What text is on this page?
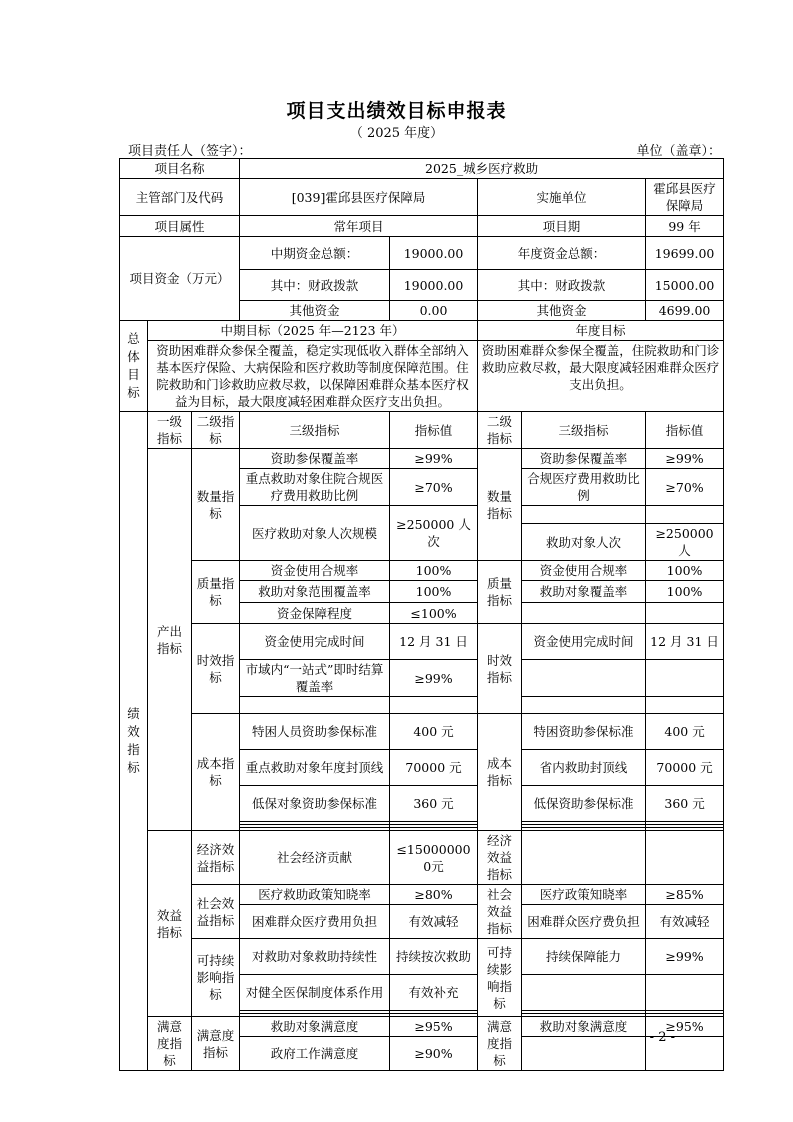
项目支出绩效目标申报表
（ 2025 年度）
项目责任人（签字）：	单位（盖章）：
项目名称			2025_城乡医疗救助				
主管部门及代码			[039]霍邱县医疗保障局		实施单位		霍邱县医疗保障局
项目属性			常年项目		项目期		99 年
项目资金（万元）			中期资金总额：	19000.00	年度资金总额：		19699.00
			其中：财政拨款	19000.00	其中：财政拨款		15000.00
			其他资金	0.00	其他资金		4699.00
总体目标	中期目标（2025 年—2123 年）				年度目标		
	资助困难群众参保全覆盖，稳定实现低收入群体全部纳入基本医疗保险、大病保险和医疗救助等制度保障范围。住院救助和门诊救助应救尽救，以保障困难群众基本医疗权益为目标，最大限度减轻困难群众医疗支出负担。				资助困难群众参保全覆盖，住院救助和门诊救助应救尽救，最大限度减轻困难群众医疗支出负担。		
绩效指标	一级指标	二级指标	三级指标	指标值	二级指标	三级指标	指标值
	产出指标	数量指标	资助参保覆盖率	≥99%	数量指标	资助参保覆盖率	≥99%
			重点救助对象住院合规医疗费用救助比例	≥70%		合规医疗费用救助比例	≥70%
			医疗救助对象人次规模	≥250000 人次			
						救助对象人次	≥250000 人
		质量指标	资金使用合规率	100%	质量指标	资金使用合规率	100%
			救助对象范围覆盖率	100%		救助对象覆盖率	100%
			资金保障程度	≤100%			
		时效指标	资金使用完成时间	12 月 31 日	时效指标	资金使用完成时间	12 月 31 日
			市域内“一站式”即时结算覆盖率	≥99%			

		成本指标	特困人员资助参保标准	400 元	成本指标	特困资助参保标准	400 元
			重点救助对象年度封顶线	70000 元		省内救助封顶线	70000 元
			低保对象资助参保标准	360 元		低保资助参保标准	360 元

	效益指标	经济效益指标	社会经济贡献	≤150000000元	经济效益指标		
		社会效益指标	医疗救助政策知晓率	≥80%	社会效益指标	医疗政策知晓率	≥85%
			困难群众医疗费用负担	有效减轻		困难群众医疗费负担	有效减轻
		可持续影响指标	对救助对象救助持续性	持续按次救助	可持续影响指标	持续保障能力	≥99%
			对健全医保制度体系作用	有效补充			

	满意度指标	满意度指标	救助对象满意度	≥95%	满意度指标	救助对象满意度	≥95%
			政府工作满意度	≥90%			
- 2 -
